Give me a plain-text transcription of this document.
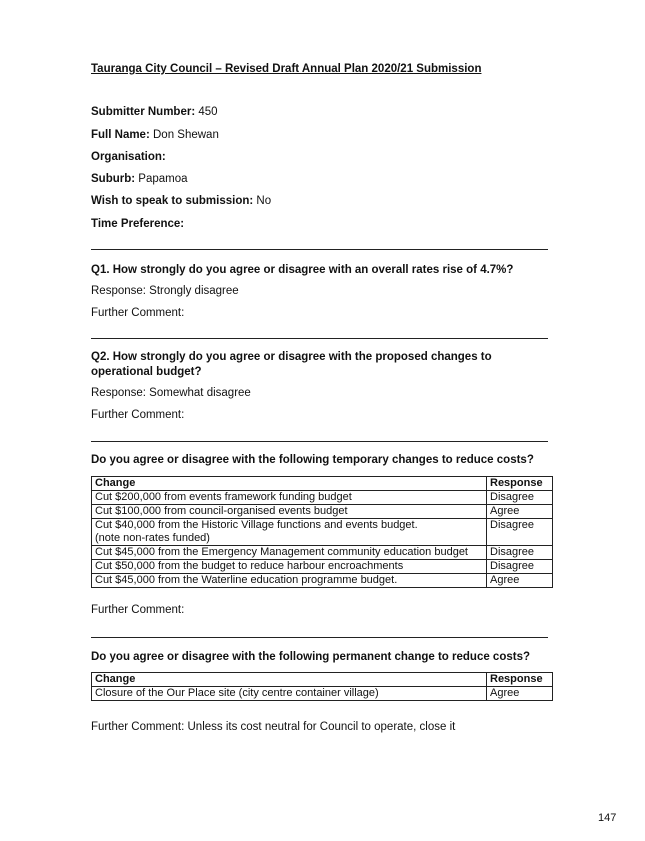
Tauranga City Council – Revised Draft Annual Plan 2020/21 Submission
Submitter Number: 450
Full Name: Don Shewan
Organisation:
Suburb: Papamoa
Wish to speak to submission: No
Time Preference:
Q1. How strongly do you agree or disagree with an overall rates rise of 4.7%?
Response: Strongly disagree
Further Comment:
Q2. How strongly do you agree or disagree with the proposed changes to operational budget?
Response: Somewhat disagree
Further Comment:
Do you agree or disagree with the following temporary changes to reduce costs?
Change	Response
Cut $200,000 from events framework funding budget	Disagree
Cut $100,000 from council-organised events budget	Agree
Cut $40,000 from the Historic Village functions and events budget.
(note non-rates funded)	Disagree
Cut $45,000 from the Emergency Management community education budget	Disagree
Cut $50,000 from the budget to reduce harbour encroachments	Disagree
Cut $45,000 from the Waterline education programme budget.	Agree
Further Comment:
Do you agree or disagree with the following permanent change to reduce costs?
Change	Response
Closure of the Our Place site (city centre container village)	Agree
Further Comment: Unless its cost neutral for Council to operate, close it
147
